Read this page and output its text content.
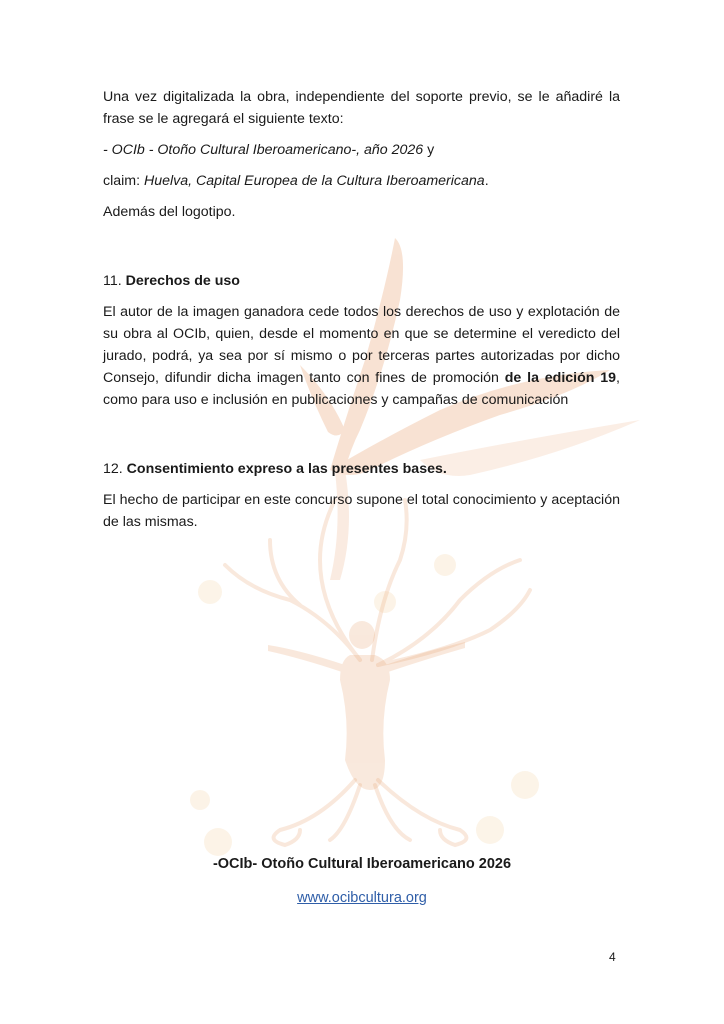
Una vez digitalizada la obra, independiente del soporte previo, se le añadiré la frase se le agregará el siguiente texto:

- OCIb - Otoño Cultural Iberoamericano-, año 2026 y

claim: Huelva, Capital Europea de la Cultura Iberoamericana.

Además del logotipo.

11. Derechos de uso

El autor de la imagen ganadora cede todos los derechos de uso y explotación de su obra al OCIb, quien, desde el momento en que se determine el veredicto del jurado, podrá, ya sea por sí mismo o por terceras partes autorizadas por dicho Consejo, difundir dicha imagen tanto con fines de promoción de la edición 19, como para uso e inclusión en publicaciones y campañas de comunicación

12. Consentimiento expreso a las presentes bases.

El hecho de participar en este concurso supone el total conocimiento y aceptación de las mismas.

-OCIb- Otoño Cultural Iberoamericano 2026
www.ocibcultura.org
4
